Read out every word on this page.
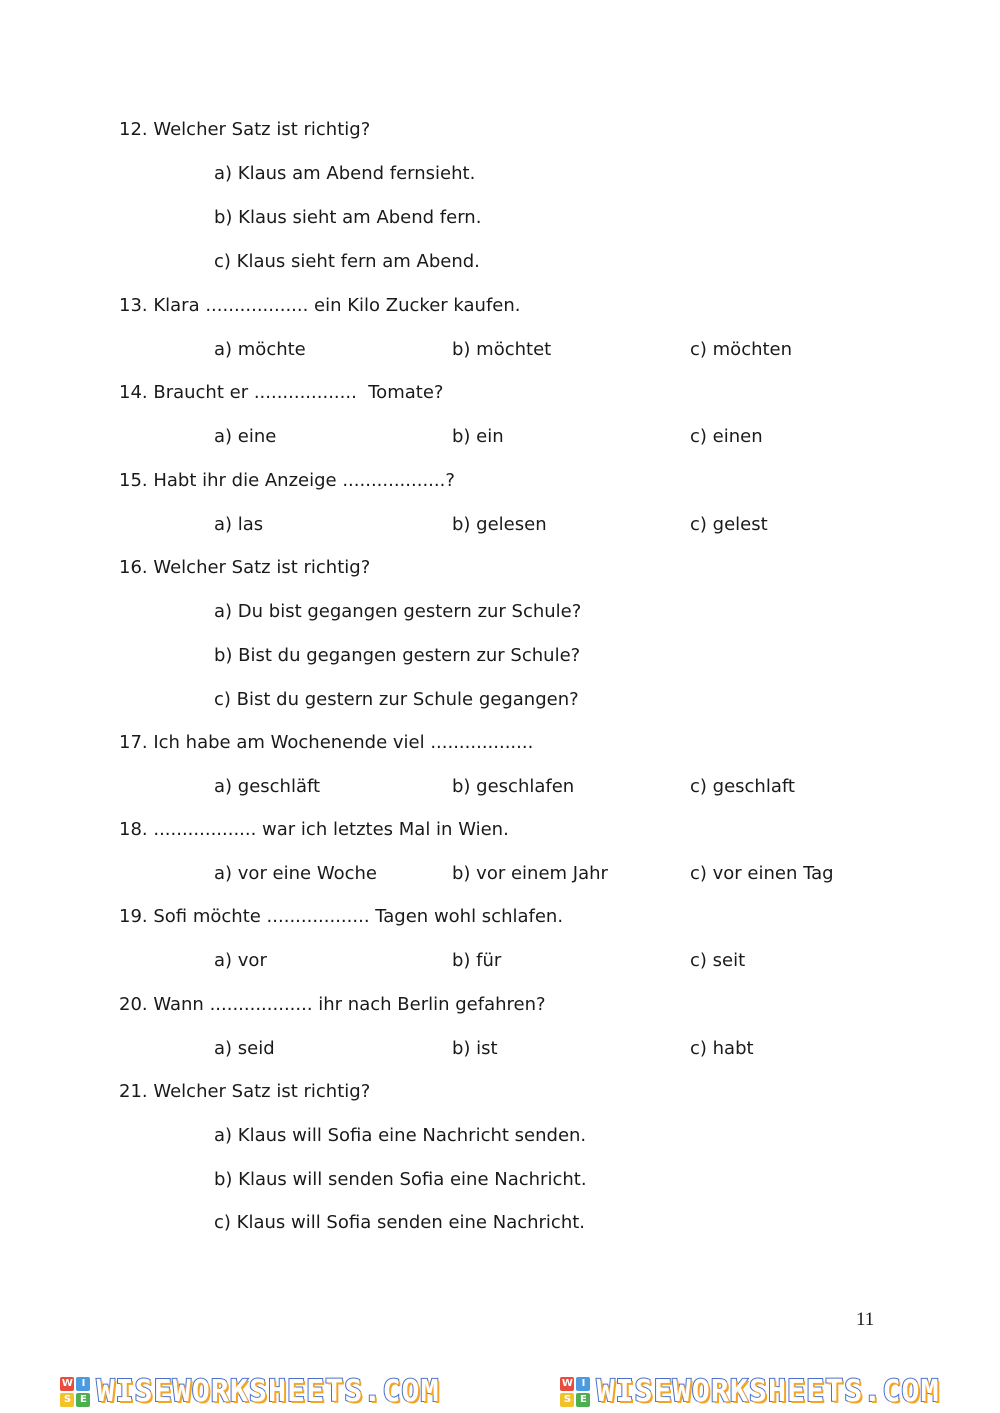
12. Welcher Satz ist richtig?
a) Klaus am Abend fernsieht.
b) Klaus sieht am Abend fern.
c) Klaus sieht fern am Abend.
13. Klara .................. ein Kilo Zucker kaufen.
a) möchte	b) möchtet	c) möchten
14. Braucht er ..................  Tomate?
a) eine	b) ein	c) einen
15. Habt ihr die Anzeige ..................?
a) las	b) gelesen	c) gelest
16. Welcher Satz ist richtig?
a) Du bist gegangen gestern zur Schule?
b) Bist du gegangen gestern zur Schule?
c) Bist du gestern zur Schule gegangen?
17. Ich habe am Wochenende viel ..................
a) geschläft	b) geschlafen	c) geschlaft
18. .................. war ich letztes Mal in Wien.
a) vor eine Woche	b) vor einem Jahr	c) vor einen Tag
19. Sofi möchte .................. Tagen wohl schlafen.
a) vor	b) für	c) seit
20. Wann .................. ihr nach Berlin gefahren?
a) seid	b) ist	c) habt
21. Welcher Satz ist richtig?
a) Klaus will Sofia eine Nachricht senden.
b) Klaus will senden Sofia eine Nachricht.
c) Klaus will Sofia senden eine Nachricht.
11
W I
S E WISEWORKSHEETS.COM	W I
S E WISEWORKSHEETS.COM
